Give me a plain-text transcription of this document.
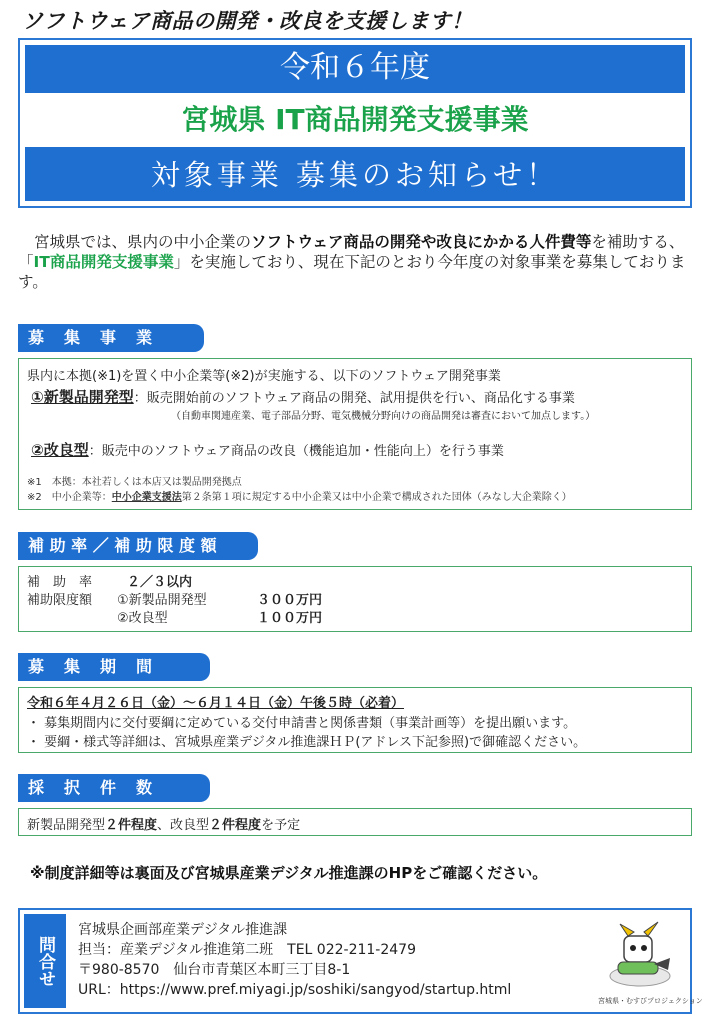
ソフトウェア商品の開発・改良を支援します！
令和６年度
宮城県 IT商品開発支援事業
対象事業 募集のお知らせ！
宮城県では、県内の中小企業のソフトウェア商品の開発や改良にかかる人件費等を補助する、「IT商品開発支援事業」を実施しており、現在下記のとおり今年度の対象事業を募集しております。
募　集　事　業
県内に本拠(※1)を置く中小企業等(※2)が実施する、以下のソフトウェア開発事業
①新製品開発型：販売開始前のソフトウェア商品の開発、試用提供を行い、商品化する事業
（自動車関連産業、電子部品分野、電気機械分野向けの商品開発は審査において加点します。）
②改良型：販売中のソフトウェア商品の改良（機能追加・性能向上）を行う事業
※1　本拠：本社若しくは本店又は製品開発拠点
※2　中小企業等：中小企業支援法第２条第１項に規定する中小企業又は中小企業で構成された団体（みなし大企業除く）
補 助 率 ／ 補 助 限 度 額
補　助　率	２／３以内
補助限度額 ①新製品開発型	３００万円
②改良型	１００万円
募　集　期　間
令和６年４月２６日（金）～６月１４日（金）午後５時（必着）
・ 募集期間内に交付要綱に定めている交付申請書と関係書類（事業計画等）を提出願います。
・ 要綱・様式等詳細は、宮城県産業デジタル推進課ＨＰ(アドレス下記参照)で御確認ください。
採　択　件　数
新製品開発型２件程度、改良型２件程度を予定
※制度詳細等は裏面及び宮城県産業デジタル推進課のHPをご確認ください。
問合せ
宮城県企画部産業デジタル推進課
担当：産業デジタル推進第二班　TEL 022-211-2479
〒980-8570　仙台市青葉区本町三丁目8-1
URL：https://www.pref.miyagi.jp/soshiki/sangyod/startup.html
宮城県・むすびプロジェクション
